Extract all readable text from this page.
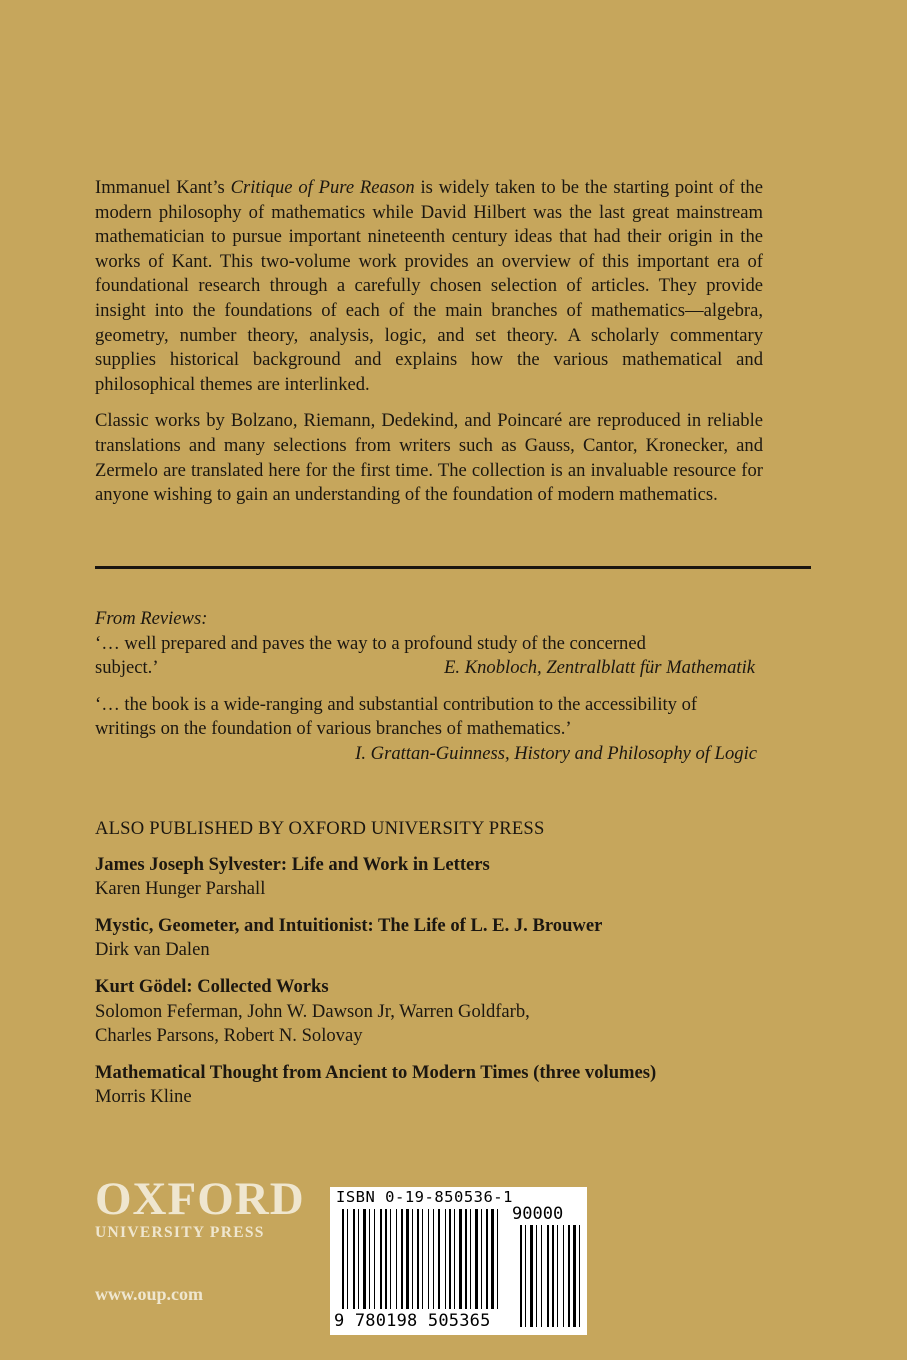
Immanuel Kant’s Critique of Pure Reason is widely taken to be the starting point of the modern philosophy of mathematics while David Hilbert was the last great mainstream mathematician to pursue important nineteenth century ideas that had their origin in the works of Kant. This two-volume work provides an overview of this important era of foundational research through a carefully chosen selection of articles. They provide insight into the foundations of each of the main branches of mathematics—algebra, geometry, number theory, analysis, logic, and set theory. A scholarly commentary supplies historical background and explains how the various mathematical and philosophical themes are interlinked.

Classic works by Bolzano, Riemann, Dedekind, and Poincaré are reproduced in reliable translations and many selections from writers such as Gauss, Cantor, Kronecker, and Zermelo are translated here for the first time. The collection is an invaluable resource for anyone wishing to gain an understanding of the foundation of modern mathematics.

From Reviews:
‘… well prepared and paves the way to a profound study of the concerned
subject.’	E. Knobloch, Zentralblatt für Mathematik
‘… the book is a wide-ranging and substantial contribution to the accessibility of writings on the foundation of various branches of mathematics.’
I. Grattan-Guinness, History and Philosophy of Logic
ALSO PUBLISHED BY OXFORD UNIVERSITY PRESS
James Joseph Sylvester: Life and Work in Letters
Karen Hunger Parshall
Mystic, Geometer, and Intuitionist: The Life of L. E. J. Brouwer
Dirk van Dalen
Kurt Gödel: Collected Works
Solomon Feferman, John W. Dawson Jr, Warren Goldfarb,
Charles Parsons, Robert N. Solovay
Mathematical Thought from Ancient to Modern Times (three volumes)
Morris Kline
OXFORD
UNIVERSITY PRESS
www.oup.com
ISBN 0-19-850536-1
90000
9 780198 505365
